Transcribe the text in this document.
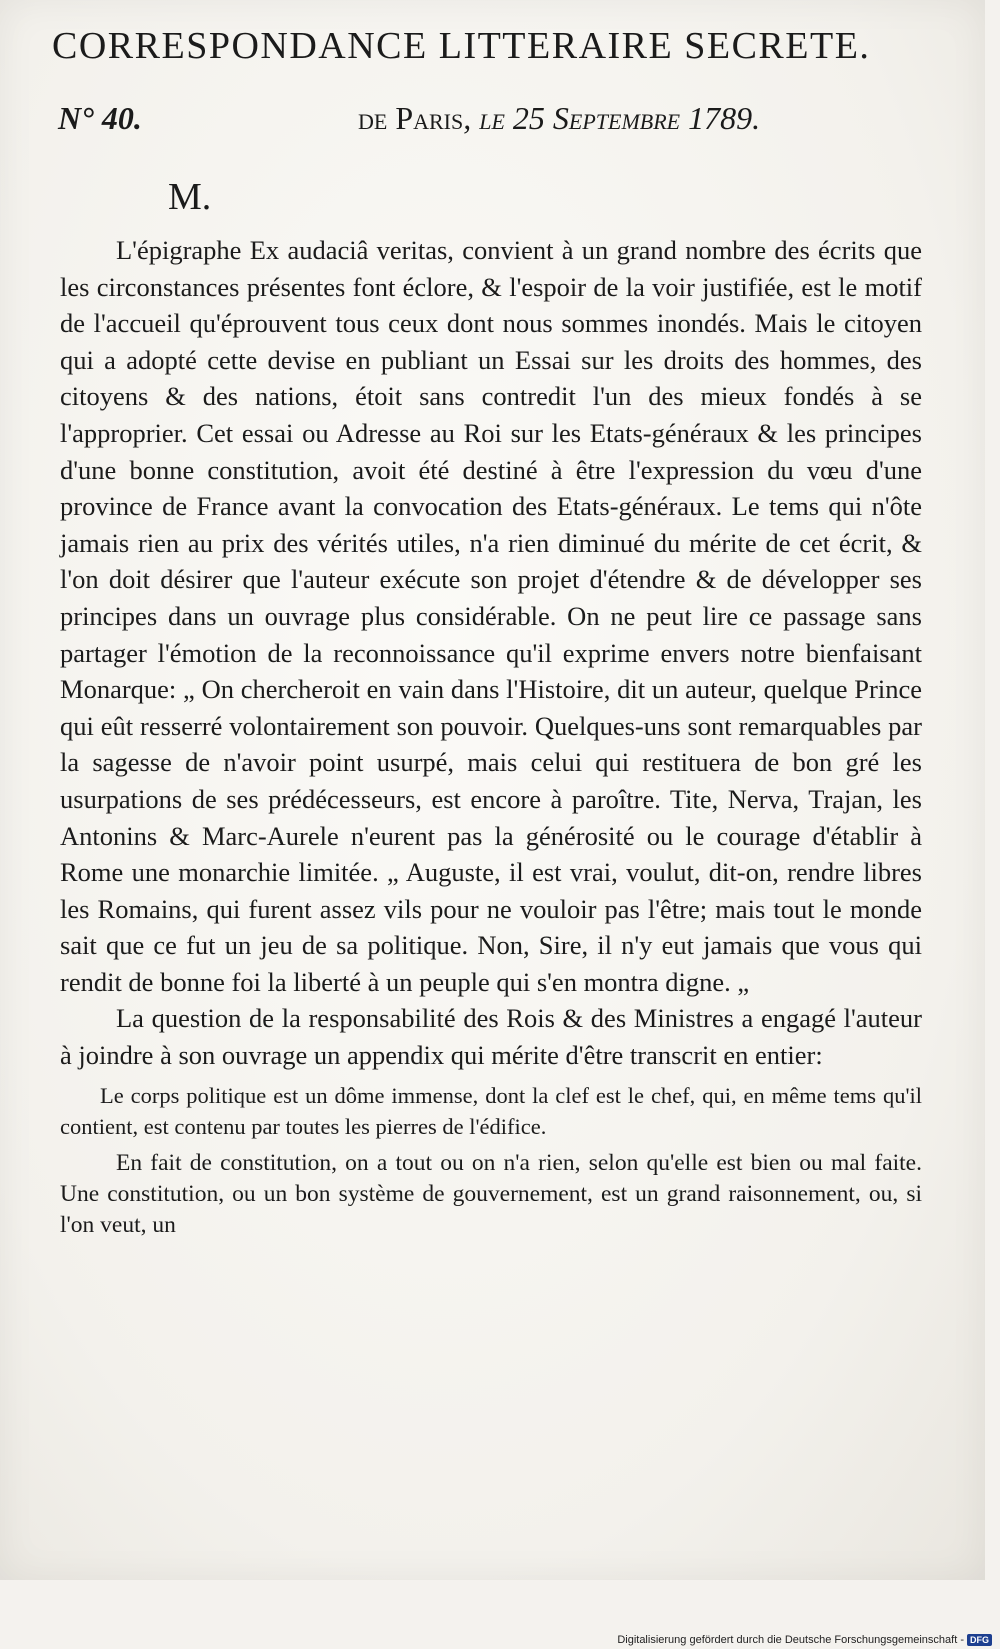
CORRESPONDANCE LITTERAIRE SECRETE.
N° 40.	de Paris, le 25 Septembre 1789.
M.

L'épigraphe Ex audaciâ veritas, convient à un grand nombre des écrits que les circonstances présentes font éclore, & l'espoir de la voir justifiée, est le motif de l'accueil qu'éprouvent tous ceux dont nous sommes inondés. Mais le citoyen qui a adopté cette devise en publiant un Essai sur les droits des hommes, des citoyens & des nations, étoit sans contredit l'un des mieux fondés à se l'approprier. Cet essai ou Adresse au Roi sur les Etats-généraux & les principes d'une bonne constitution, avoit été destiné à être l'expression du vœu d'une province de France avant la convocation des Etats-généraux. Le tems qui n'ôte jamais rien au prix des vérités utiles, n'a rien diminué du mérite de cet écrit, & l'on doit désirer que l'auteur exécute son projet d'étendre & de développer ses principes dans un ouvrage plus considérable. On ne peut lire ce passage sans partager l'émotion de la reconnoissance qu'il exprime envers notre bienfaisant Monarque: „ On chercheroit en vain dans l'Histoire, dit un auteur, quelque Prince qui eût resserré volontairement son pouvoir. Quelques-uns sont remarquables par la sagesse de n'avoir point usurpé, mais celui qui restituera de bon gré les usurpations de ses prédécesseurs, est encore à paroître. Tite, Nerva, Trajan, les Antonins & Marc-Aurele n'eurent pas la générosité ou le courage d'établir à Rome une monarchie limitée. „ Auguste, il est vrai, voulut, dit-on, rendre libres les Romains, qui furent assez vils pour ne vouloir pas l'être; mais tout le monde sait que ce fut un jeu de sa politique. Non, Sire, il n'y eut jamais que vous qui rendit de bonne foi la liberté à un peuple qui s'en montra digne. „

La question de la responsabilité des Rois & des Ministres a engagé l'auteur à joindre à son ouvrage un appendix qui mérite d'être transcrit en entier:

Le corps politique est un dôme immense, dont la clef est le chef, qui, en même tems qu'il contient, est contenu par toutes les pierres de l'édifice.

En fait de constitution, on a tout ou on n'a rien, selon qu'elle est bien ou mal faite. Une constitution, ou un bon système de gouvernement, est un grand raisonnement, ou, si l'on veut, un

Digitalisierung gefördert durch die Deutsche Forschungsgemeinschaft - DFG
